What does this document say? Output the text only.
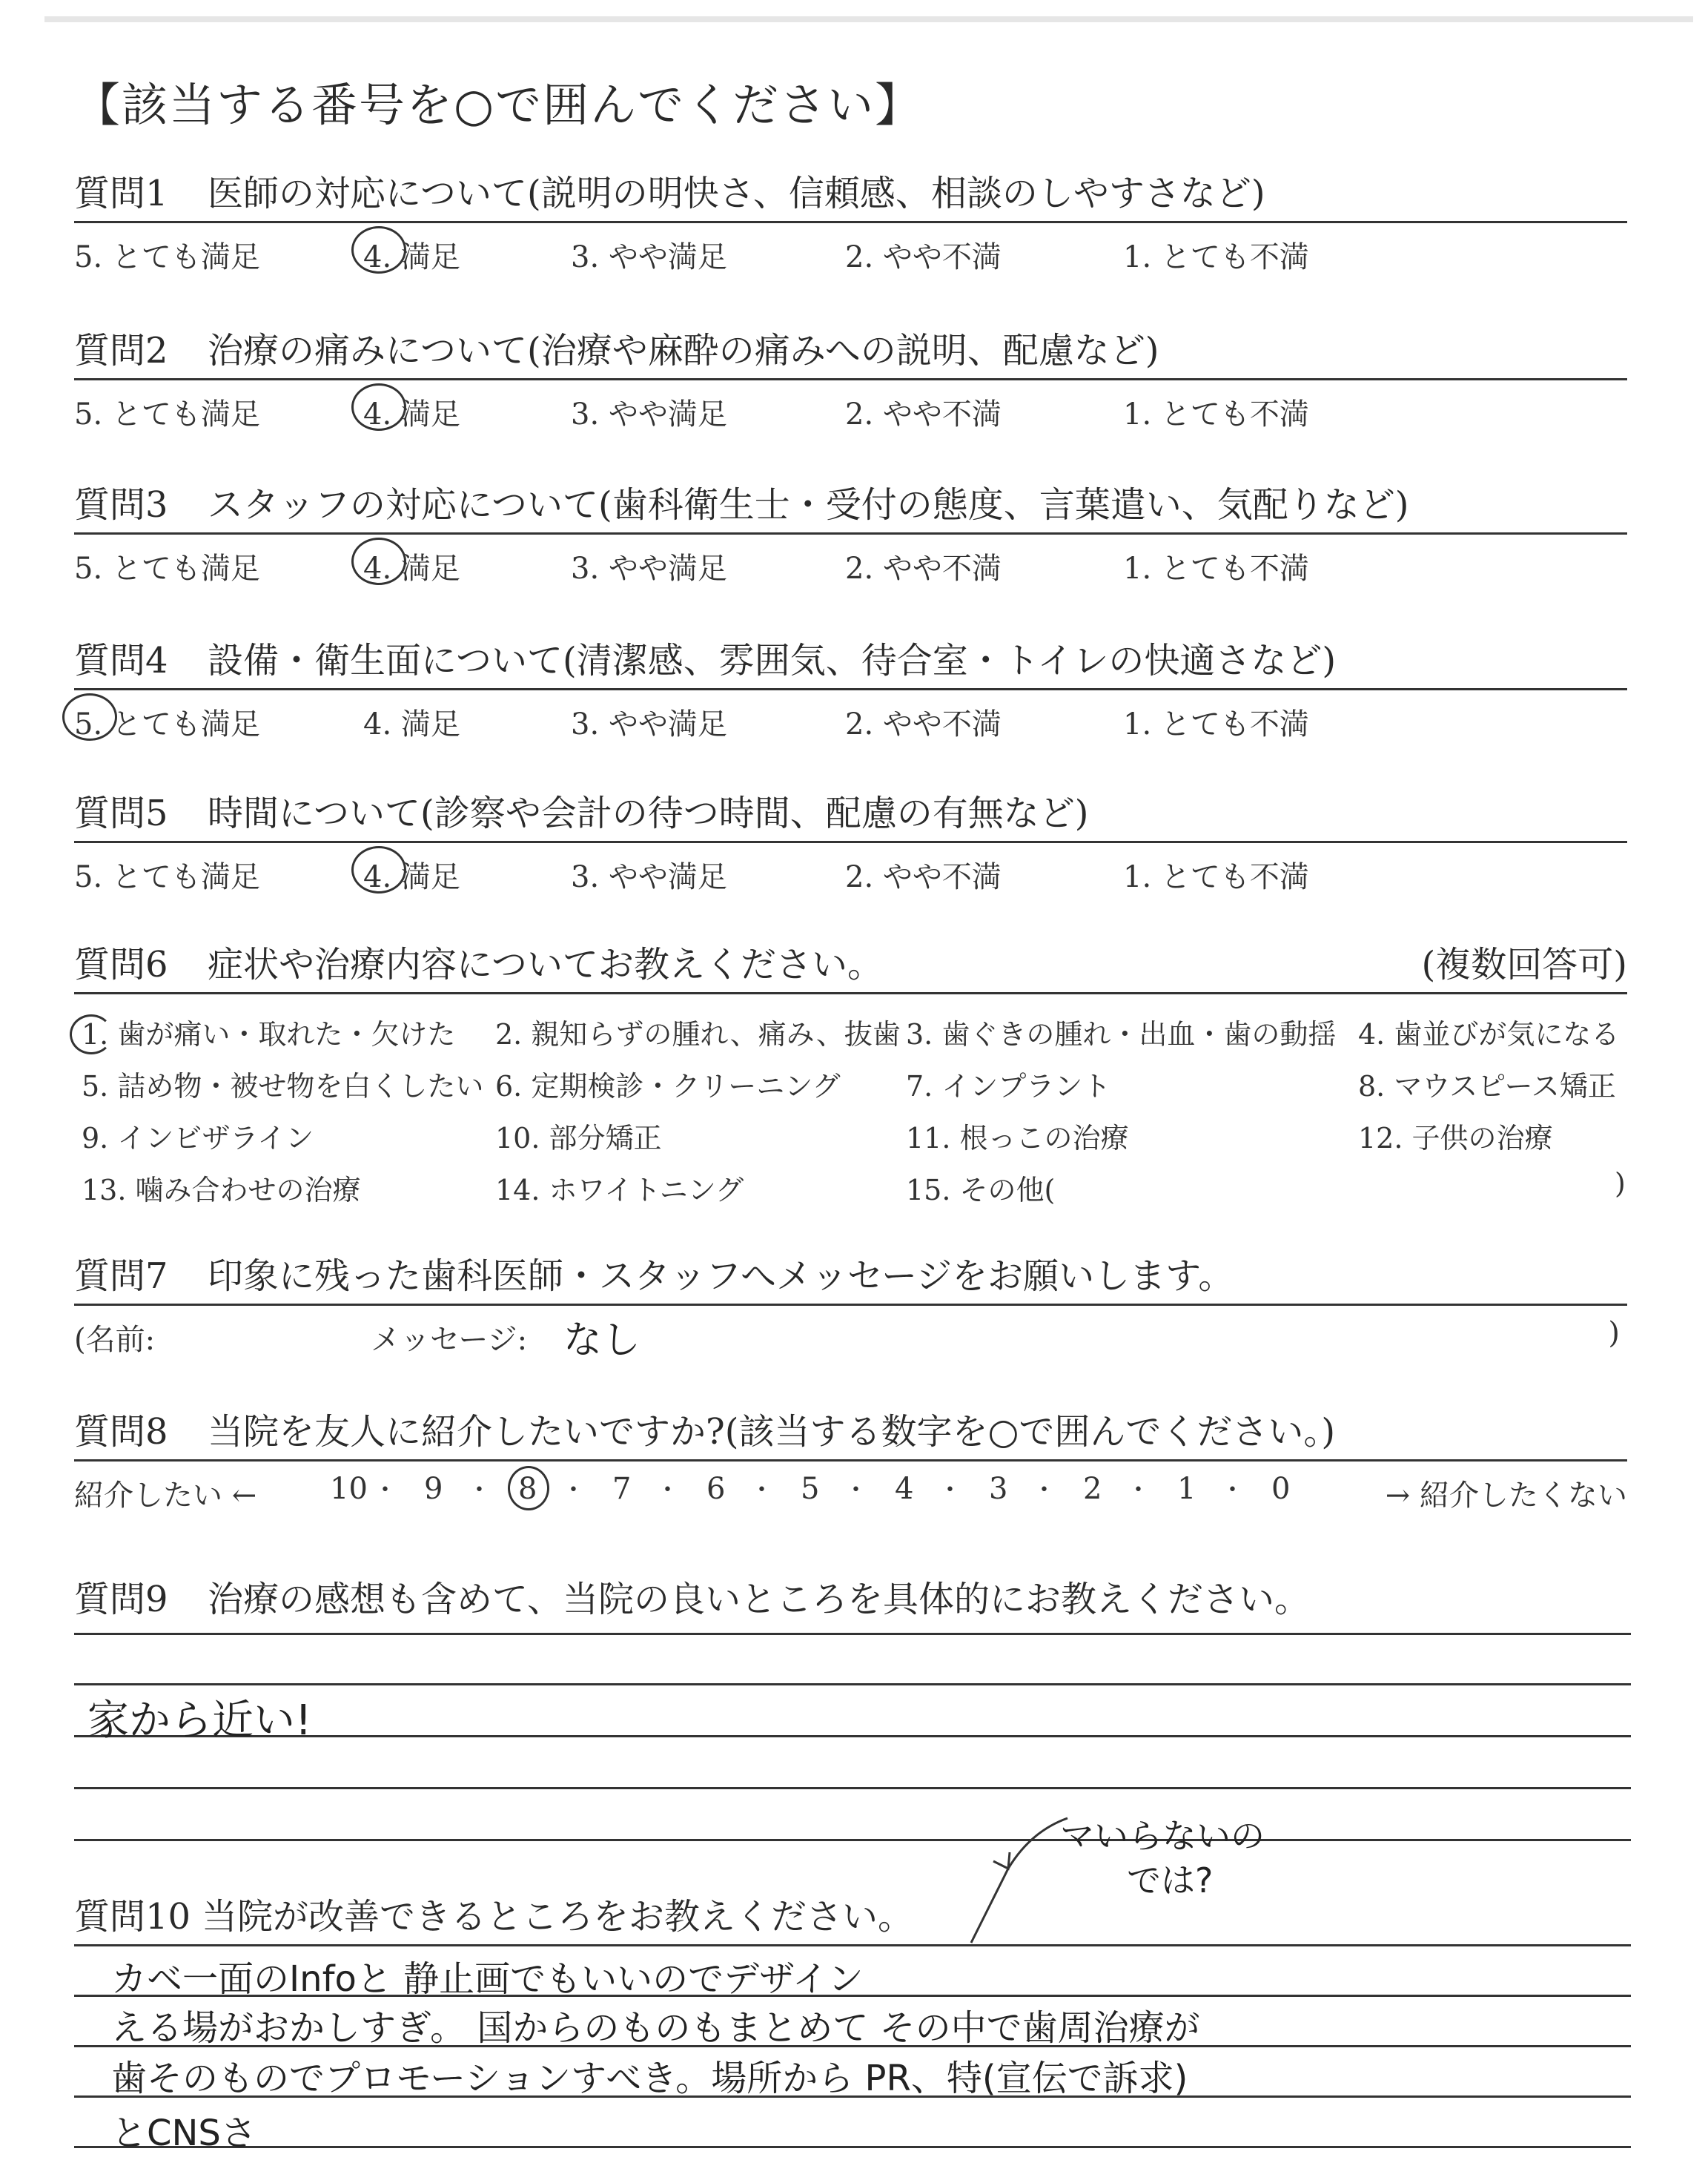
【該当する番号を○で囲んでください】
質問1 医師の対応について(説明の明快さ、信頼感、相談のしやすさなど)
5. とても満足	4. 満足	3. やや満足	2. やや不満	1. とても不満
質問2 治療の痛みについて(治療や麻酔の痛みへの説明、配慮など)
5. とても満足	4. 満足	3. やや満足	2. やや不満	1. とても不満
質問3 スタッフの対応について(歯科衛生士・受付の態度、言葉遣い、気配りなど)
5. とても満足	4. 満足	3. やや満足	2. やや不満	1. とても不満
質問4 設備・衛生面について(清潔感、雰囲気、待合室・トイレの快適さなど)
5. とても満足	4. 満足	3. やや満足	2. やや不満	1. とても不満
質問5 時間について(診察や会計の待つ時間、配慮の有無など)
5. とても満足	4. 満足	3. やや満足	2. やや不満	1. とても不満
質問6 症状や治療内容についてお教えください。	(複数回答可)
1. 歯が痛い・取れた・欠けた 2. 親知らずの腫れ、痛み、抜歯 3. 歯ぐきの腫れ・出血・歯の動揺 4. 歯並びが気になる
5. 詰め物・被せ物を白くしたい 6. 定期検診・クリーニング 7. インプラント	8. マウスピース矯正
9. インビザライン	10. 部分矯正	11. 根っこの治療	12. 子供の治療
13. 噛み合わせの治療	14. ホワイトニング	15. その他(	)
質問7 印象に残った歯科医師・スタッフへメッセージをお願いします。
(名前:	メッセージ: なし	)
質問8 当院を友人に紹介したいですか?(該当する数字を○で囲んでください。)
紹介したい ←	→ 紹介したくない
10 • 9 • 8 • 7 • 6 • 5 • 4 • 3 • 2 • 1 • 0
質問9 治療の感想も含めて、当院の良いところを具体的にお教えください。
家から近い!
質問10 当院が改善できるところをお教えください。
マいらないの
では?
カベ一面のInfoと 静止画でもいいのでデザイン
える場がおかしすぎ。 国からのものもまとめて その中で歯周治療が
歯そのものでプロモーションすべき。場所から PR、特(宣伝で訴求)
とCNSさ
